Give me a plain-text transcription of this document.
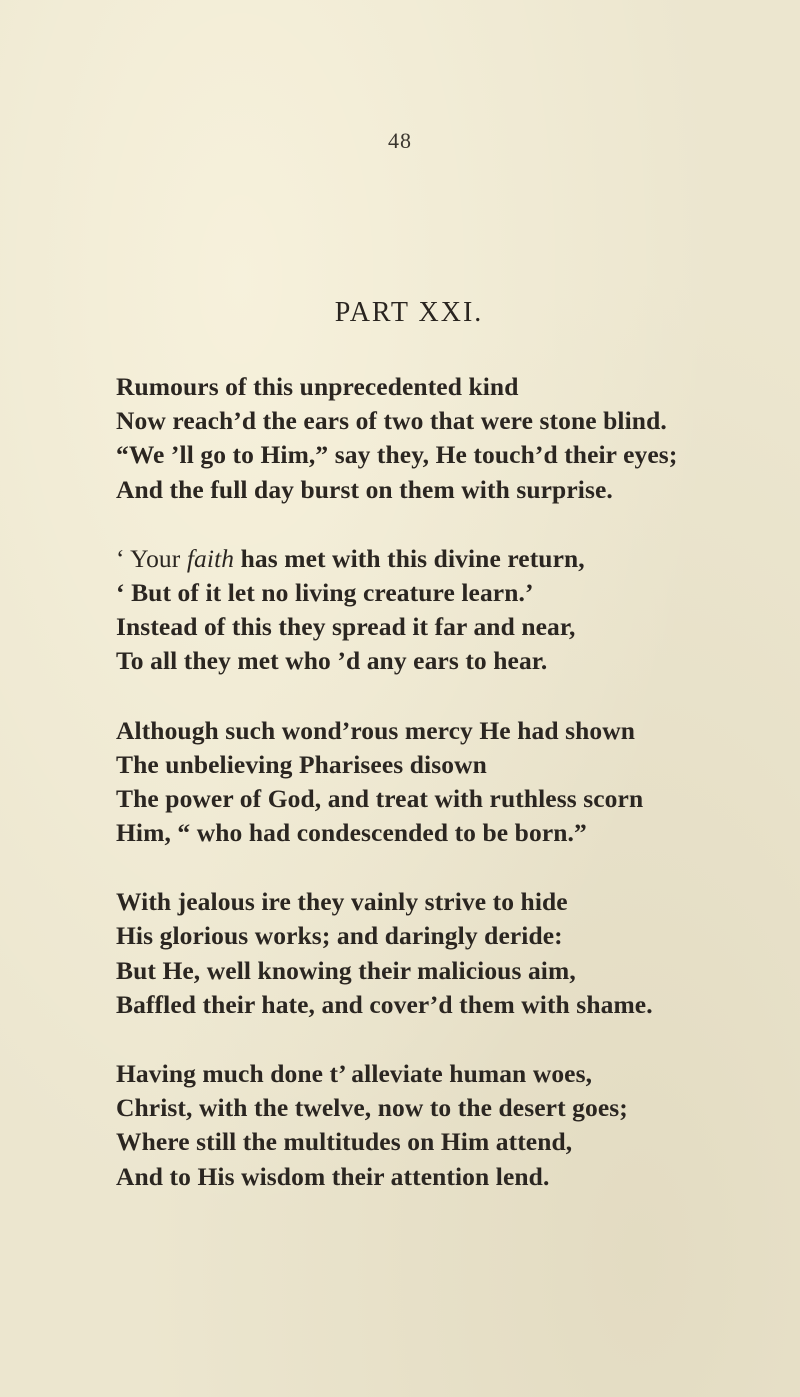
48
PART XXI.
Rumours of this unprecedented kind
Now reach’d the ears of two that were stone blind.
“We ’ll go to Him,” say they, He touch’d their eyes;
And the full day burst on them with surprise.
‘ Your faith has met with this divine return,
‘ But of it let no living creature learn.’
Instead of this they spread it far and near,
To all they met who ’d any ears to hear.
Although such wond’rous mercy He had shown
The unbelieving Pharisees disown
The power of God, and treat with ruthless scorn
Him, “ who had condescended to be born.”
With jealous ire they vainly strive to hide
His glorious works; and daringly deride:
But He, well knowing their malicious aim,
Baffled their hate, and cover’d them with shame.
Having much done t’ alleviate human woes,
Christ, with the twelve, now to the desert goes;
Where still the multitudes on Him attend,
And to His wisdom their attention lend.
